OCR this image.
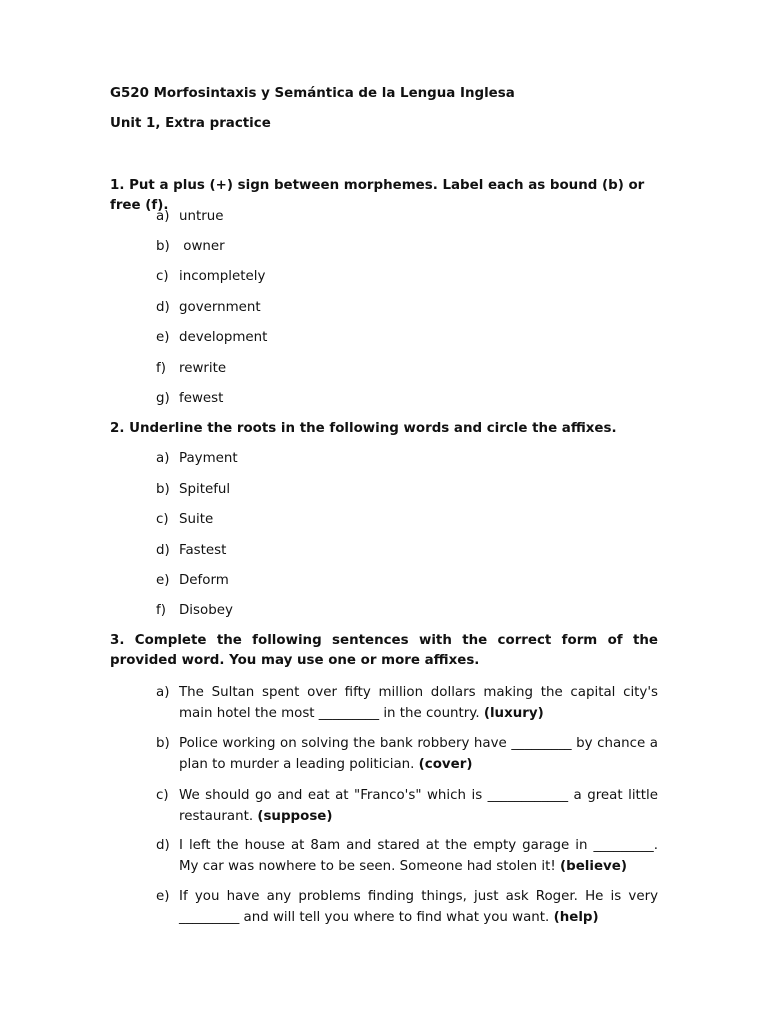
G520 Morfosintaxis y Semántica de la Lengua Inglesa

Unit 1, Extra practice

1. Put a plus (+) sign between morphemes. Label each as bound (b) or free (f).

a) untrue
b) owner
c) incompletely
d) government
e) development
f) rewrite
g) fewest

2. Underline the roots in the following words and circle the affixes.

a) Payment
b) Spiteful
c) Suite
d) Fastest
e) Deform
f) Disobey

3. Complete the following sentences with the correct form of the provided word. You may use one or more affixes.

a) The Sultan spent over fifty million dollars making the capital city's main hotel the most _________ in the country. (luxury)
b) Police working on solving the bank robbery have _________ by chance a plan to murder a leading politician. (cover)
c) We should go and eat at "Franco's" which is ____________ a great little restaurant. (suppose)
d) I left the house at 8am and stared at the empty garage in _________. My car was nowhere to be seen. Someone had stolen it! (believe)
e) If you have any problems finding things, just ask Roger. He is very _________ and will tell you where to find what you want. (help)
